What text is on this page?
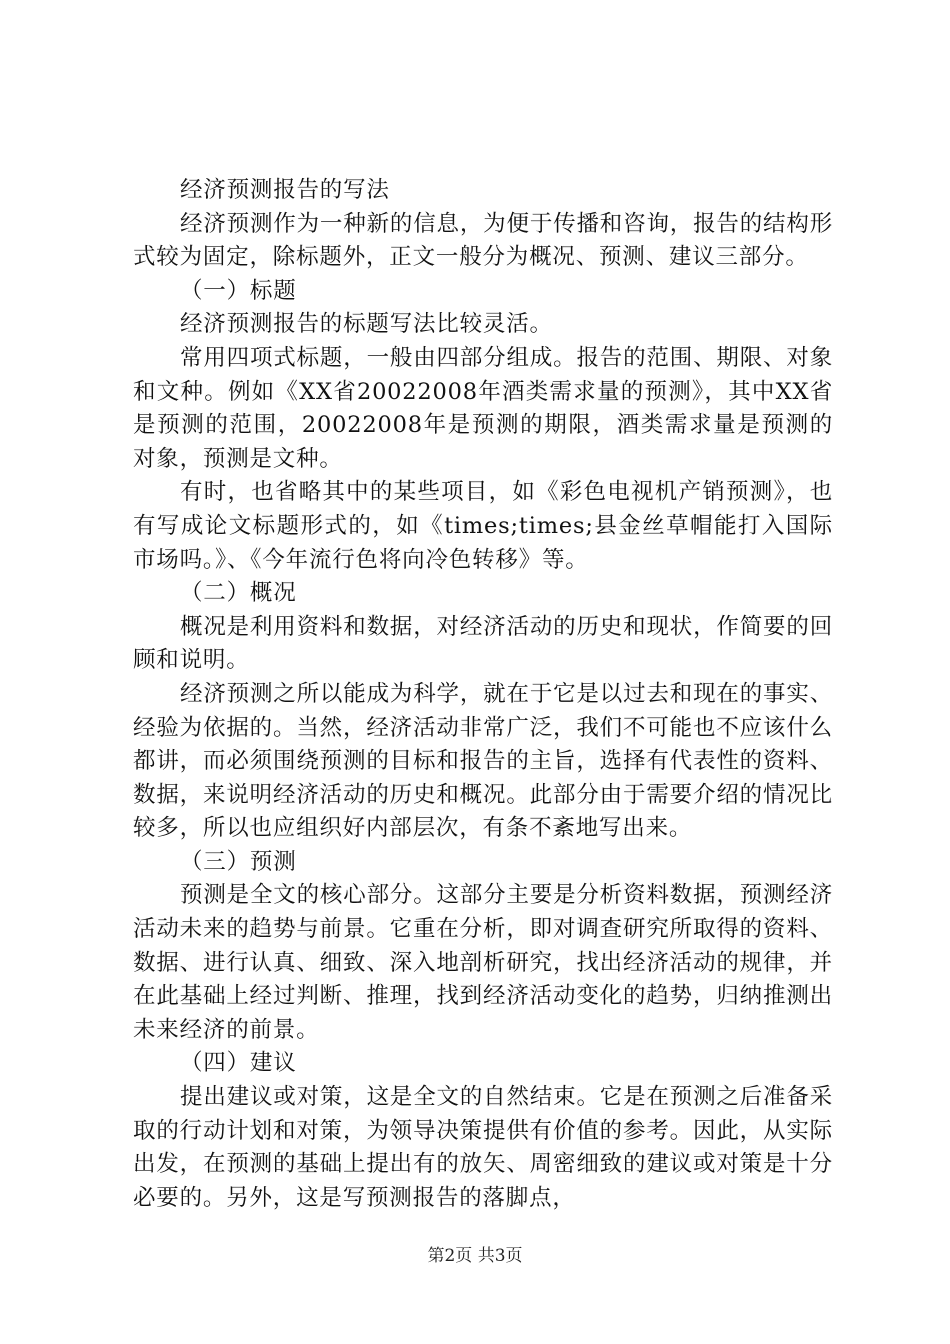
经济预测报告的写法

经济预测作为一种新的信息，为便于传播和咨询，报告的结构形式较为固定，除标题外，正文一般分为概况、预测、建议三部分。

（一）标题

经济预测报告的标题写法比较灵活。

常用四项式标题，一般由四部分组成。报告的范围、期限、对象和文种。例如《XX省20022008年酒类需求量的预测》，其中XX省是预测的范围，20022008年是预测的期限，酒类需求量是预测的对象，预测是文种。

有时，也省略其中的某些项目，如《彩色电视机产销预测》，也有写成论文标题形式的，如《times;times;县金丝草帽能打入国际市场吗。》、《今年流行色将向冷色转移》等。

（二）概况

概况是利用资料和数据，对经济活动的历史和现状，作简要的回顾和说明。

经济预测之所以能成为科学，就在于它是以过去和现在的事实、经验为依据的。当然，经济活动非常广泛，我们不可能也不应该什么都讲，而必须围绕预测的目标和报告的主旨，选择有代表性的资料、数据，来说明经济活动的历史和概况。此部分由于需要介绍的情况比较多，所以也应组织好内部层次，有条不紊地写出来。

（三）预测

预测是全文的核心部分。这部分主要是分析资料数据，预测经济活动未来的趋势与前景。它重在分析，即对调查研究所取得的资料、数据、进行认真、细致、深入地剖析研究，找出经济活动的规律，并在此基础上经过判断、推理，找到经济活动变化的趋势，归纳推测出未来经济的前景。

（四）建议

提出建议或对策，这是全文的自然结束。它是在预测之后准备采取的行动计划和对策，为领导决策提供有价值的参考。因此，从实际出发，在预测的基础上提出有的放矢、周密细致的建议或对策是十分必要的。另外，这是写预测报告的落脚点，

第2页 共3页
